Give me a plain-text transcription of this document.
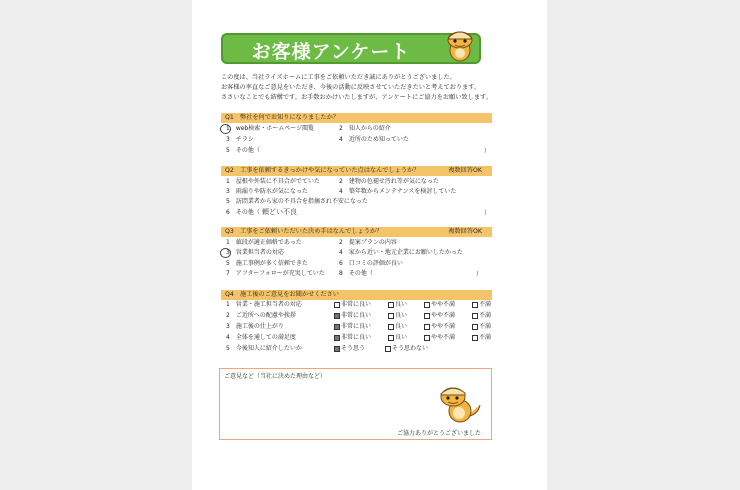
お客様アンケート
この度は、当社ライズホームに工事をご依頼いただき誠にありがとうございました。
お客様の率直なご意見をいただき、今後の活動に反映させていただきたいと考えております。
ささいなことでも結構です。お手数おかけいたしますが、アンケートにご協力をお願い致します。
Q1　弊社を何でお知りになりましたか？
1　web検索・ホームページ閲覧	2　知人からの紹介
3　チラシ	4　近所のため知っていた
5　その他（	）
Q2　工事を依頼するきっかけや気になっていた点はなんでしょうか？	複数回答OK
1　屋根や外装に不具合がでていた	2　建物の色褪せ汚れ等が気になった
3　雨漏りや防水が気になった	4　築年数からメンテナンスを検討していた
5　訪問業者から家の不具合を指摘され不安になった
6　その他（ 頼どい不良	）
Q3　工事をご依頼いただいた決め手はなんでしょうか？	複数回答OK
1　値段が適正価格であった	2　提案プランの内容
3　営業担当者の対応	4　家から近い・地元企業にお願いしたかった
5　施工事例が多く信頼できた	6　口コミの評価が良い
7　アフターフォローが充実していた 8　その他（	）
Q4　施工後のご意見をお聞かせください
1　営業・施工担当者の対応	非常に良い	良い	やや不満	不満
2　ご近所への配慮や挨拶	非常に良い	良い	やや不満	不満
3　施工後の仕上がり	非常に良い	良い	やや不満	不満
4　全体を通しての満足度	非常に良い	良い	やや不満	不満
5　今後知人に紹介したいか	そう思う	そう思わない
ご意見など（当社に決めた理由など）
ご協力ありがとうございました
